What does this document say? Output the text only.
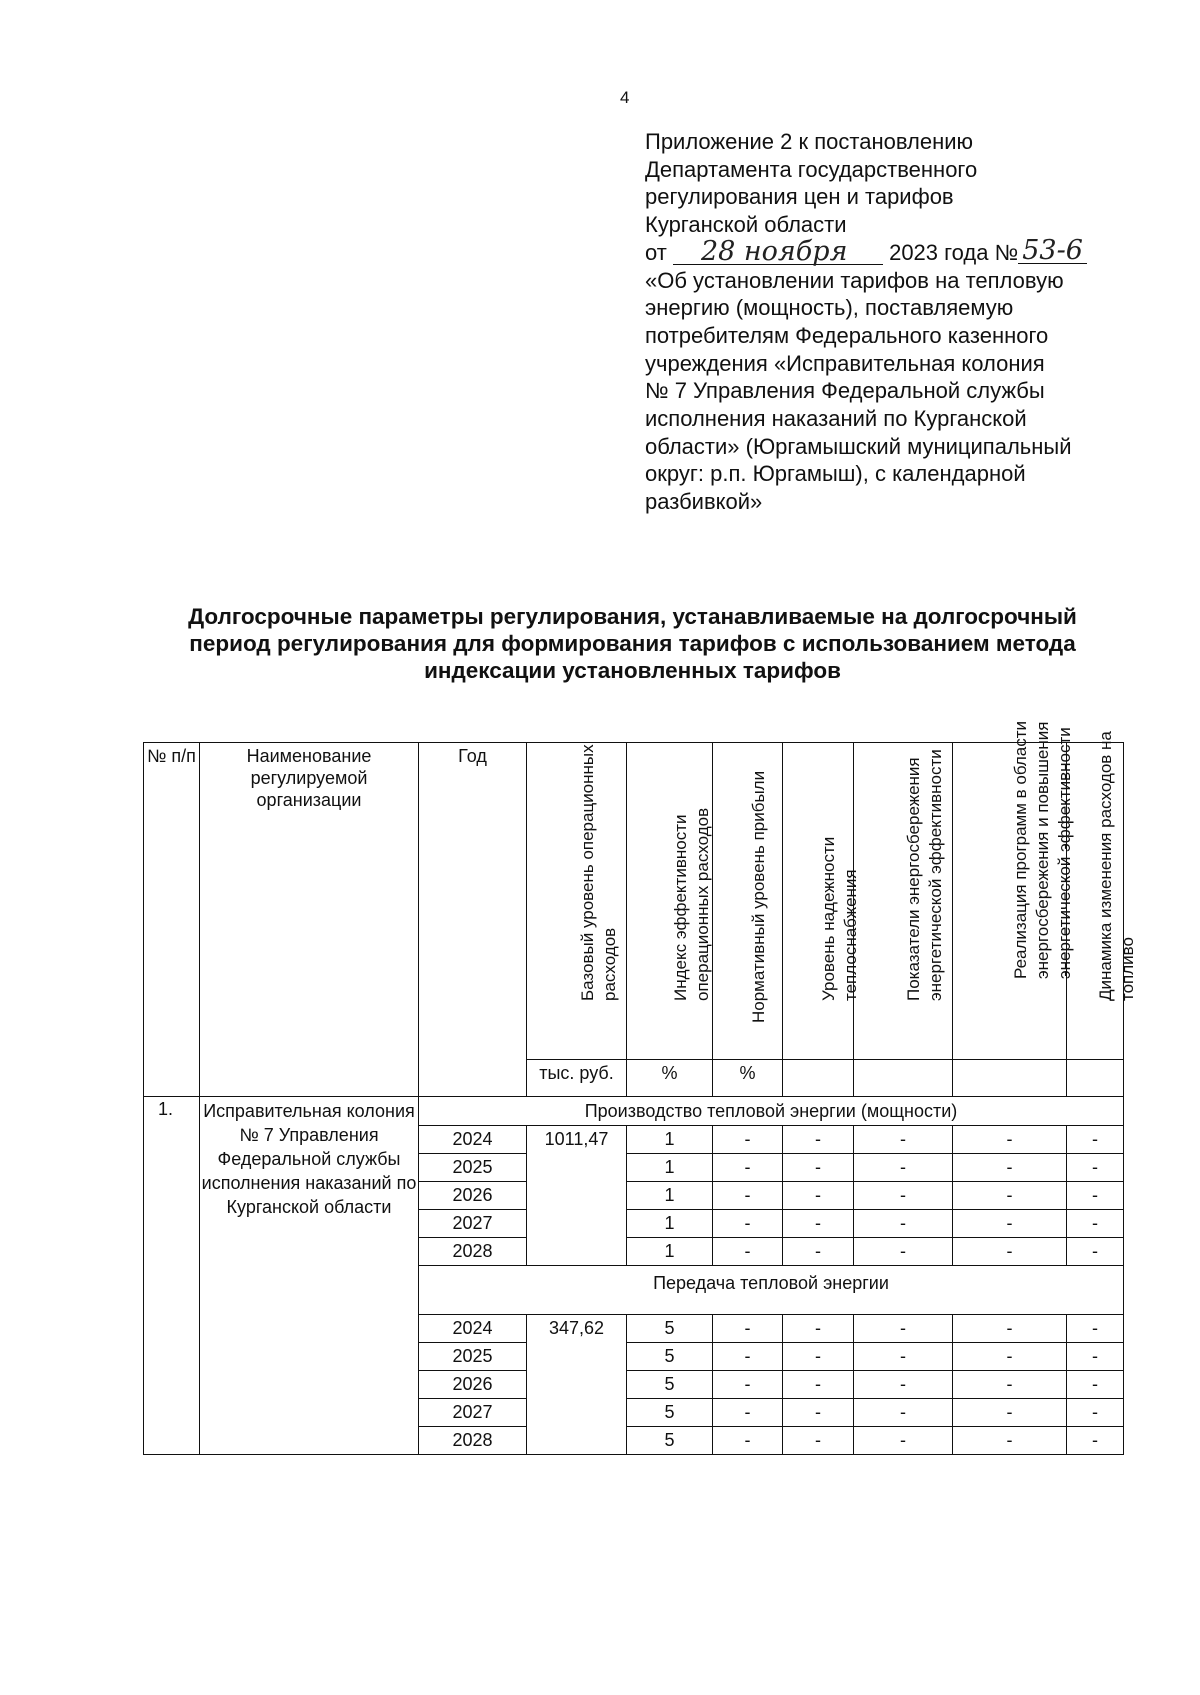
4
Приложение 2 к постановлению
Департамента государственного
регулирования цен и тарифов
Курганской области
от 28 ноября 2023 года № 53-6
«Об установлении тарифов на тепловую
энергию (мощность), поставляемую
потребителям Федерального казенного
учреждения «Исправительная колония
№ 7 Управления Федеральной службы
исполнения наказаний по Курганской
области» (Юргамышский муниципальный
округ: р.п. Юргамыш), с календарной
разбивкой»
Долгосрочные параметры регулирования, устанавливаемые на долгосрочный
период регулирования для формирования тарифов с использованием метода
индексации установленных тарифов
№ п/п	Наименование регулируемой организации	Год	Базовый уровень операционных расходов	Индекс эффективности операционных расходов	Нормативный уровень прибыли	Уровень надежности теплоснабжения	Показатели энергосбережения энергетической эффективности	Реализация программ в области энергосбережения и повышения энергетической эффективности	Динамика изменения расходов на топливо

			тыс. руб.	%	%				
1.	Исправительная колония № 7 Управления Федеральной службы исполнения наказаний по Курганской области	Производство тепловой энергии (мощности)							
		2024	1011,47	1	-	-	-	-	-
		2025		1	-	-	-	-	-
		2026		1	-	-	-	-	-
		2027		1	-	-	-	-	-
		2028		1	-	-	-	-	-
		Передача тепловой энергии							
		2024	347,62	5	-	-	-	-	-
		2025		5	-	-	-	-	-
		2026		5	-	-	-	-	-
		2027		5	-	-	-	-	-
		2028		5	-	-	-	-	-
